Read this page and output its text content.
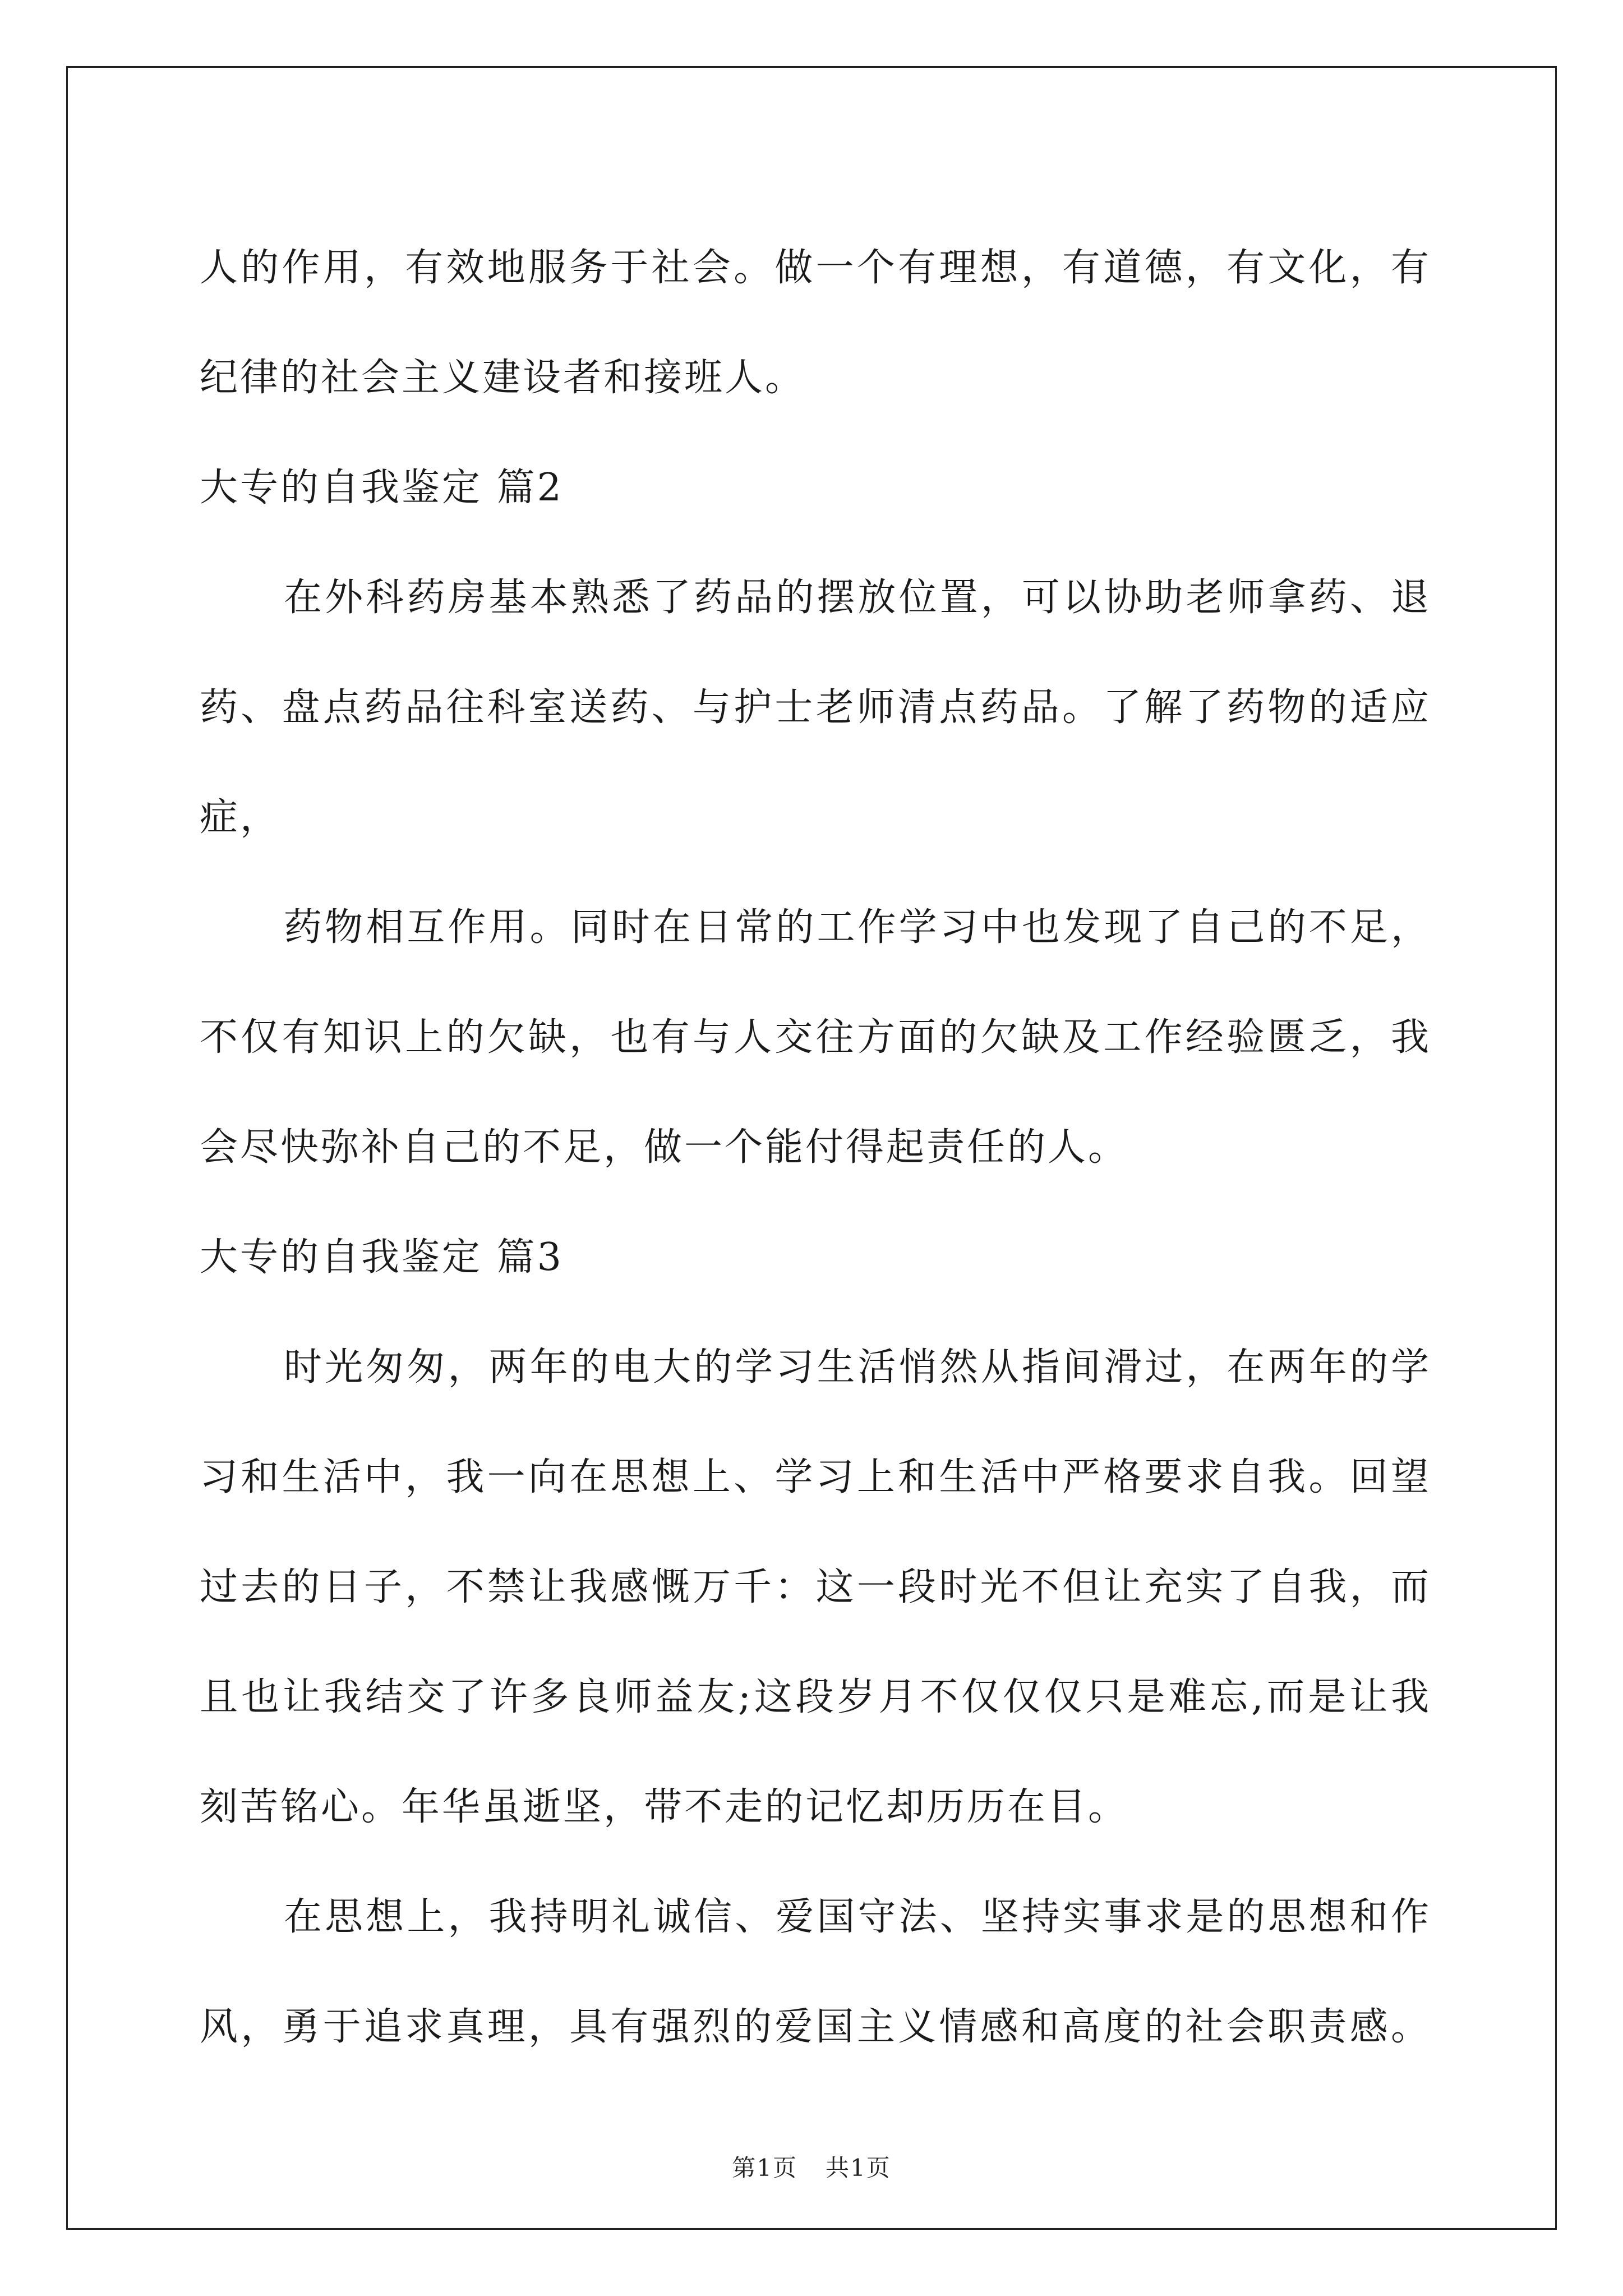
人的作用，有效地服务于社会。做一个有理想，有道德，有文化，有
纪律的社会主义建设者和接班人。
大专的自我鉴定 篇2
在外科药房基本熟悉了药品的摆放位置，可以协助老师拿药、退
药、盘点药品往科室送药、与护士老师清点药品。了解了药物的适应
症，
药物相互作用。同时在日常的工作学习中也发现了自己的不足，
不仅有知识上的欠缺，也有与人交往方面的欠缺及工作经验匮乏，我
会尽快弥补自己的不足，做一个能付得起责任的人。
大专的自我鉴定 篇3
时光匆匆，两年的电大的学习生活悄然从指间滑过，在两年的学
习和生活中，我一向在思想上、学习上和生活中严格要求自我。回望
过去的日子，不禁让我感慨万千：这一段时光不但让充实了自我，而
且也让我结交了许多良师益友;这段岁月不仅仅仅只是难忘,而是让我
刻苦铭心。年华虽逝坚，带不走的记忆却历历在目。
在思想上，我持明礼诚信、爱国守法、坚持实事求是的思想和作
风，勇于追求真理，具有强烈的爱国主义情感和高度的社会职责感。
第1页 共1页
